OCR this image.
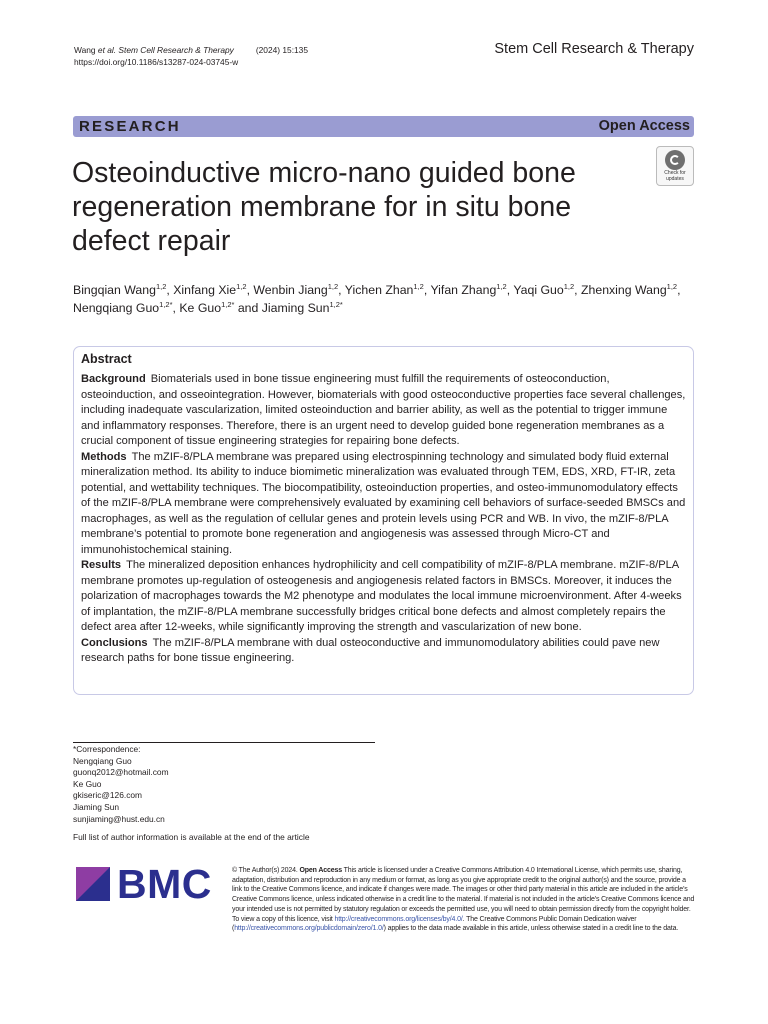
Wang et al. Stem Cell Research & Therapy	(2024) 15:135
https://doi.org/10.1186/s13287-024-03745-w
Stem Cell Research & Therapy
RESEARCH	Open Access
Osteoinductive micro-nano guided bone regeneration membrane for in situ bone defect repair
Check for
updates
Bingqian Wang$^{1,2}$, Xinfang Xie$^{1,2}$, Wenbin Jiang$^{1,2}$, Yichen Zhan$^{1,2}$, Yifan Zhang$^{1,2}$, Yaqi Guo$^{1,2}$, Zhenxing Wang$^{1,2}$, Nengqiang Guo$^{1,2*}$, Ke Guo$^{1,2*}$ and Jiaming Sun$^{1,2*}$
Abstract

Background Biomaterials used in bone tissue engineering must fulfill the requirements of osteoconduction, osteoinduction, and osseointegration. However, biomaterials with good osteoconductive properties face several challenges, including inadequate vascularization, limited osteoinduction and barrier ability, as well as the potential to trigger immune and inflammatory responses. Therefore, there is an urgent need to develop guided bone regeneration membranes as a crucial component of tissue engineering strategies for repairing bone defects.

Methods The mZIF-8/PLA membrane was prepared using electrospinning technology and simulated body fluid external mineralization method. Its ability to induce biomimetic mineralization was evaluated through TEM, EDS, XRD, FT-IR, zeta potential, and wettability techniques. The biocompatibility, osteoinduction properties, and osteo-immunomodulatory effects of the mZIF-8/PLA membrane were comprehensively evaluated by examining cell behaviors of surface-seeded BMSCs and macrophages, as well as the regulation of cellular genes and protein levels using PCR and WB. In vivo, the mZIF-8/PLA membrane’s potential to promote bone regeneration and angiogenesis was assessed through Micro-CT and immunohistochemical staining.

Results The mineralized deposition enhances hydrophilicity and cell compatibility of mZIF-8/PLA membrane. mZIF-8/PLA membrane promotes up-regulation of osteogenesis and angiogenesis related factors in BMSCs. Moreover, it induces the polarization of macrophages towards the M2 phenotype and modulates the local immune microenvironment. After 4-weeks of implantation, the mZIF-8/PLA membrane successfully bridges critical bone defects and almost completely repairs the defect area after 12-weeks, while significantly improving the strength and vascularization of new bone.

Conclusions The mZIF-8/PLA membrane with dual osteoconductive and immunomodulatory abilities could pave new research paths for bone tissue engineering.

*Correspondence:
Nengqiang Guo
guonq2012@hotmail.com
Ke Guo
gkiseric@126.com
Jiaming Sun
sunjiaming@hust.edu.cn
Full list of author information is available at the end of the article
BMC	© The Author(s) 2024. Open Access This article is licensed under a Creative Commons Attribution 4.0 International License, which permits use, sharing, adaptation, distribution and reproduction in any medium or format, as long as you give appropriate credit to the original author(s) and the source, provide a link to the Creative Commons licence, and indicate if changes were made. The images or other third party material in this article are included in the article’s Creative Commons licence, unless indicated otherwise in a credit line to the material. If material is not included in the article’s Creative Commons licence and your intended use is not permitted by statutory regulation or exceeds the permitted use, you will need to obtain permission directly from the copyright holder. To view a copy of this licence, visit http://creativecommons.org/licenses/by/4.0/. The Creative Commons Public Domain Dedication waiver (http://creativecommons.org/publicdomain/zero/1.0/) applies to the data made available in this article, unless otherwise stated in a credit line to the data.
